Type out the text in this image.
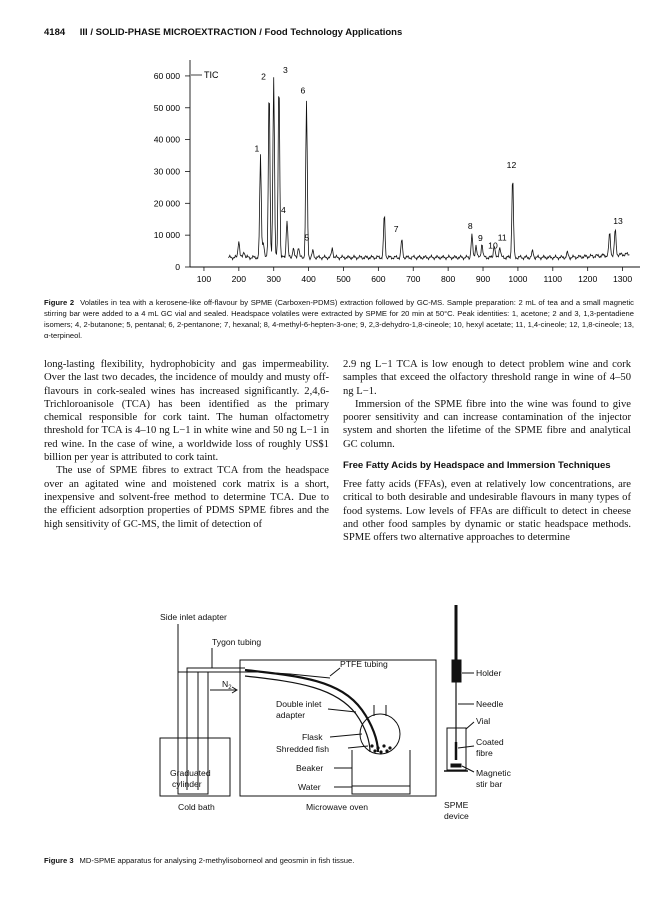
4184 III / SOLID-PHASE MICROEXTRACTION / Food Technology Applications
0
10 000
20 000
30 000
40 000
50 000
60 000
100 200 300 400 500 600 700 800 900 1000 1100 1200 1300
1
2
3
4
5
6
7	8
9
10
11
12
13
TIC
Figure 2 Volatiles in tea with a kerosene-like off-flavour by SPME (Carboxen-PDMS) extraction followed by GC-MS. Sample preparation: 2 mL of tea and a small magnetic stirring bar were added to a 4 mL GC vial and sealed. Headspace volatiles were extracted by SPME for 20 min at 50°C. Peak identities: 1, acetone; 2 and 3, 1,3-pentadiene isomers; 4, 2-butanone; 5, pentanal; 6, 2-pentanone; 7, hexanal; 8, 4-methyl-6-hepten-3-one; 9, 2,3-dehydro-1,8-cineole; 10, hexyl acetate; 11, 1,4-cineole; 12, 1,8-cineole; 13, α-terpineol.

long-lasting flexibility, hydrophobicity and gas impermeability. Over the last two decades, the incidence of mouldy and musty off-flavours in cork-sealed wines has increased significantly. 2,4,6-Trichloroanisole (TCA) has been identified as the primary chemical responsible for cork taint. The human olfactometry threshold for TCA is 4–10 ng L−1 in white wine and 50 ng L−1 in red wine. In the case of wine, a worldwide loss of roughly US$1 billion per year is attributed to cork taint.

The use of SPME fibres to extract TCA from the headspace over an agitated wine and moistened cork matrix is a short, inexpensive and solvent-free method to determine TCA. Due to the efficient adsorption properties of PDMS SPME fibres and the high sensitivity of GC-MS, the limit of detection of

2.9 ng L−1 TCA is low enough to detect problem wine and cork samples that exceed the olfactory threshold range in wine of 4–50 ng L−1.

Immersion of the SPME fibre into the wine was found to give poorer sensitivity and can increase contamination of the injector system and shorten the lifetime of the SPME fibre and analytical GC column.

Free Fatty Acids by Headspace and Immersion Techniques

Free fatty acids (FFAs), even at relatively low concentrations, are critical to both desirable and undesirable flavours in many types of food systems. Low levels of FFAs are difficult to detect in cheese and other food samples by dynamic or static headspace methods. SPME offers two alternative approaches to determine

Side inlet adapter
Tygon tubing
PTFE tubing
$N_2$
Double inlet
adapter
Flask
Shredded fish
Beaker
Water
Graduated
cylinder
Cold bath	Microwave oven	SPME
device
Holder
Needle
Vial
Coated
fibre
Magnetic
stir bar
Figure 3 MD-SPME apparatus for analysing 2-methylisoborneol and geosmin in fish tissue.
